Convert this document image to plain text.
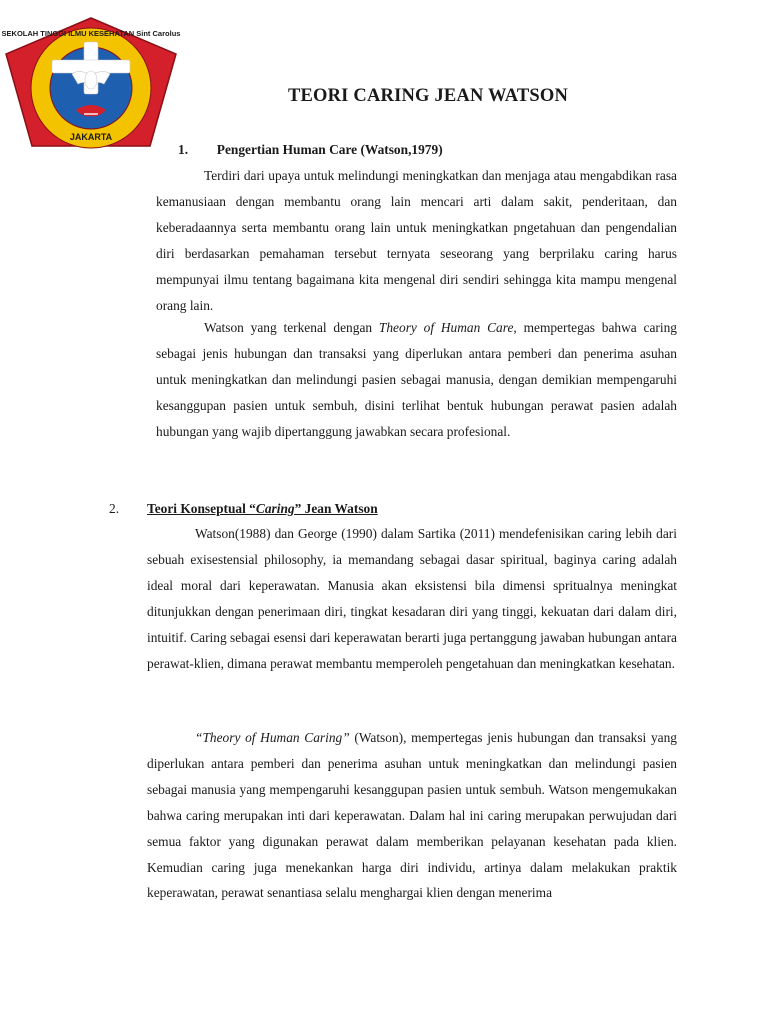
SEKOLAH TINGGI ILMU KESEHATAN Sint Carolus
JAKARTA
TEORI CARING JEAN WATSON
1. Pengertian Human Care (Watson,1979)

Terdiri dari upaya untuk melindungi meningkatkan dan menjaga atau mengabdikan rasa kemanusiaan dengan membantu orang lain mencari arti dalam sakit, penderitaan, dan keberadaannya serta membantu orang lain untuk meningkatkan pngetahuan dan pengendalian diri berdasarkan pemahaman tersebut ternyata seseorang yang berprilaku caring harus mempunyai ilmu tentang bagaimana kita mengenal diri sendiri sehingga kita mampu mengenal orang lain.

Watson yang terkenal dengan Theory of Human Care, mempertegas bahwa caring sebagai jenis hubungan dan transaksi yang diperlukan antara pemberi dan penerima asuhan untuk meningkatkan dan melindungi pasien sebagai manusia, dengan demikian mempengaruhi kesanggupan pasien untuk sembuh, disini terlihat bentuk hubungan perawat pasien adalah hubungan yang wajib dipertanggung jawabkan secara profesional.

2. Teori Konseptual “Caring” Jean Watson

Watson(1988) dan George (1990) dalam Sartika (2011) mendefenisikan caring lebih dari sebuah exisestensial philosophy, ia memandang sebagai dasar spiritual, baginya caring adalah ideal moral dari keperawatan. Manusia akan eksistensi bila dimensi spritualnya meningkat ditunjukkan dengan penerimaan diri, tingkat kesadaran diri yang tinggi, kekuatan dari dalam diri, intuitif. Caring sebagai esensi dari keperawatan berarti juga pertanggung jawaban hubungan antara perawat-klien, dimana perawat membantu memperoleh pengetahuan dan meningkatkan kesehatan.

“Theory of Human Caring” (Watson), mempertegas jenis hubungan dan transaksi yang diperlukan antara pemberi dan penerima asuhan untuk meningkatkan dan melindungi pasien sebagai manusia yang mempengaruhi kesanggupan pasien untuk sembuh. Watson mengemukakan bahwa caring merupakan inti dari keperawatan. Dalam hal ini caring merupakan perwujudan dari semua faktor yang digunakan perawat dalam memberikan pelayanan kesehatan pada klien. Kemudian caring juga menekankan harga diri individu, artinya dalam melakukan praktik keperawatan, perawat senantiasa selalu menghargai klien dengan menerima
